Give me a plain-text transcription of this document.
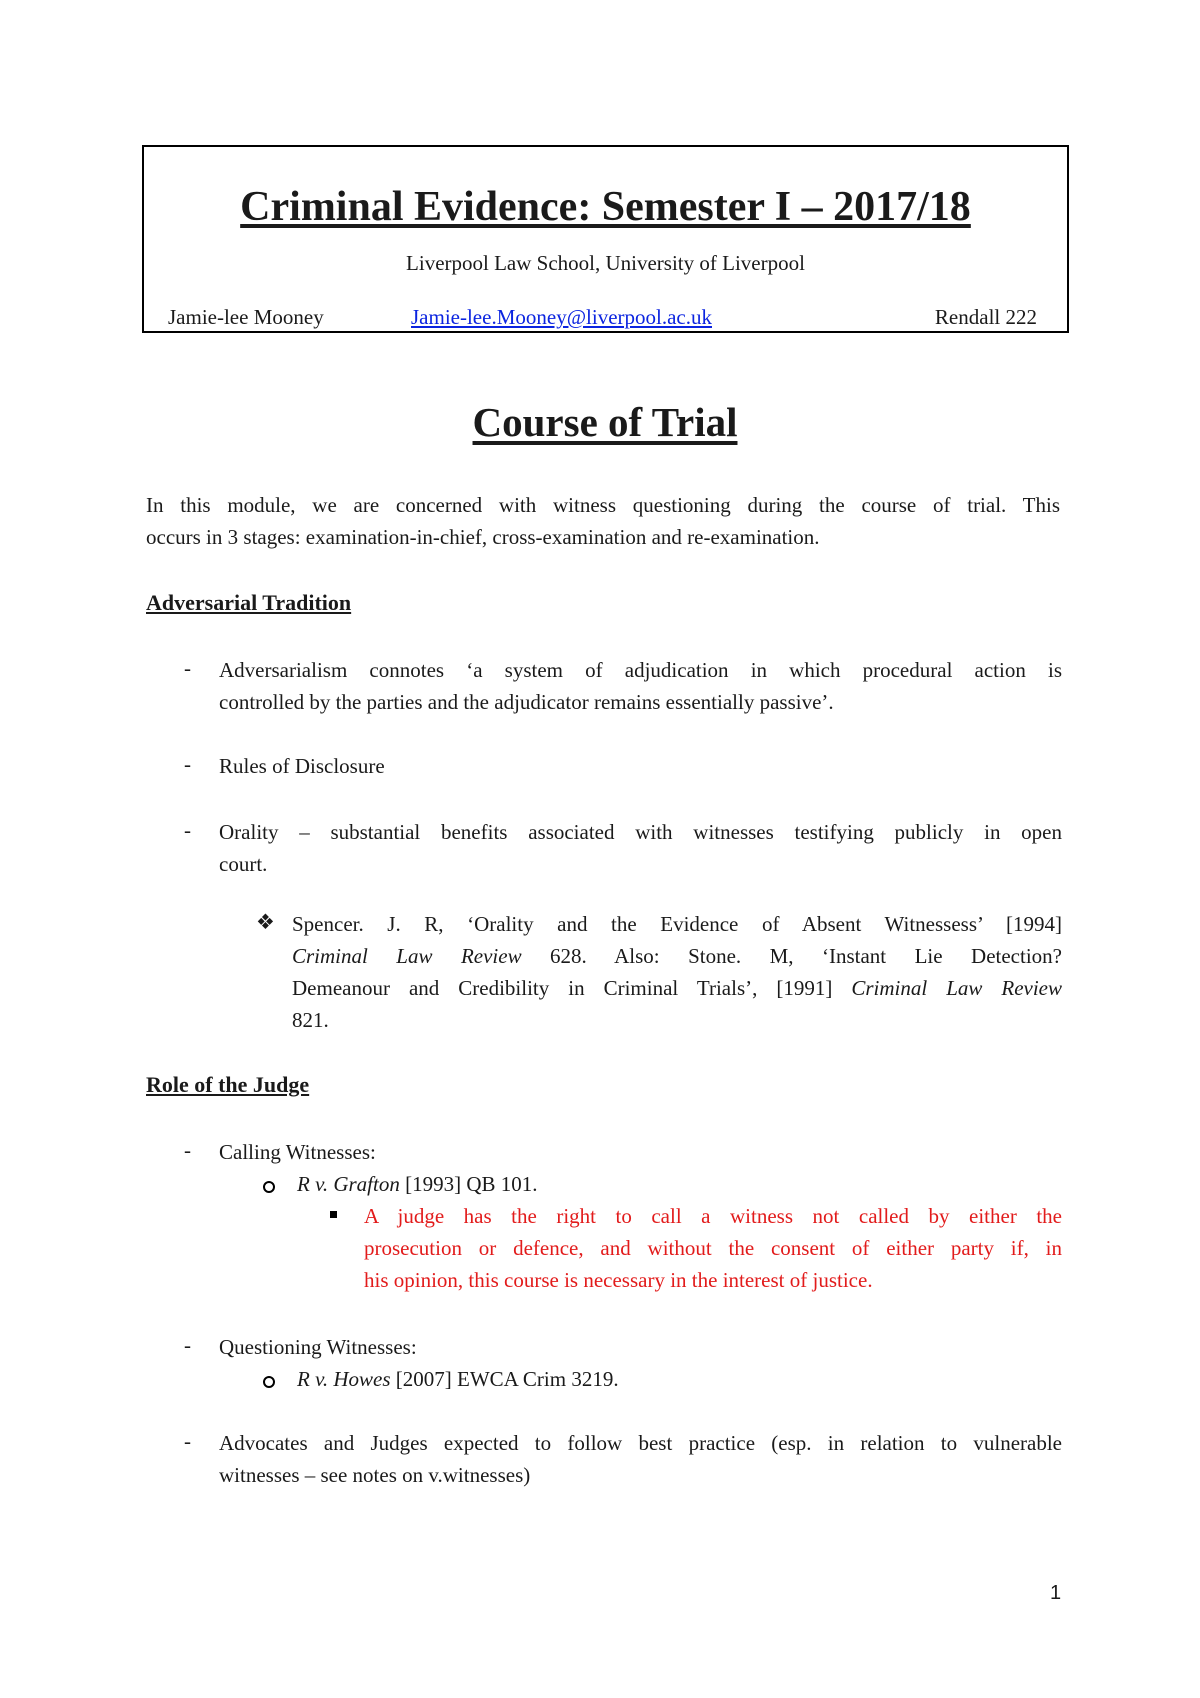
Criminal Evidence: Semester I – 2017/18
Liverpool Law School, University of Liverpool
Jamie-lee Mooney	Jamie-lee.Mooney@liverpool.ac.uk	Rendall 222
Course of Trial
In this module, we are concerned with witness questioning during the course of trial. This
occurs in 3 stages: examination-in-chief, cross-examination and re-examination.
Adversarial Tradition
- Adversarialism connotes ‘a system of adjudication in which procedural action is
controlled by the parties and the adjudicator remains essentially passive’.
- Rules of Disclosure
- Orality – substantial benefits associated with witnesses testifying publicly in open
court.
❖ Spencer. J. R, ‘Orality and the Evidence of Absent Witnessess’ [1994]
Criminal Law Review 628. Also: Stone. M, ‘Instant Lie Detection?
Demeanour and Credibility in Criminal Trials’, [1991] Criminal Law Review
821.
Role of the Judge
- Calling Witnesses:
R v. Grafton [1993] QB 101.
A judge has the right to call a witness not called by either the
prosecution or defence, and without the consent of either party if, in
his opinion, this course is necessary in the interest of justice.
- Questioning Witnesses:
R v. Howes [2007] EWCA Crim 3219.
- Advocates and Judges expected to follow best practice (esp. in relation to vulnerable
witnesses – see notes on v.witnesses)
1
